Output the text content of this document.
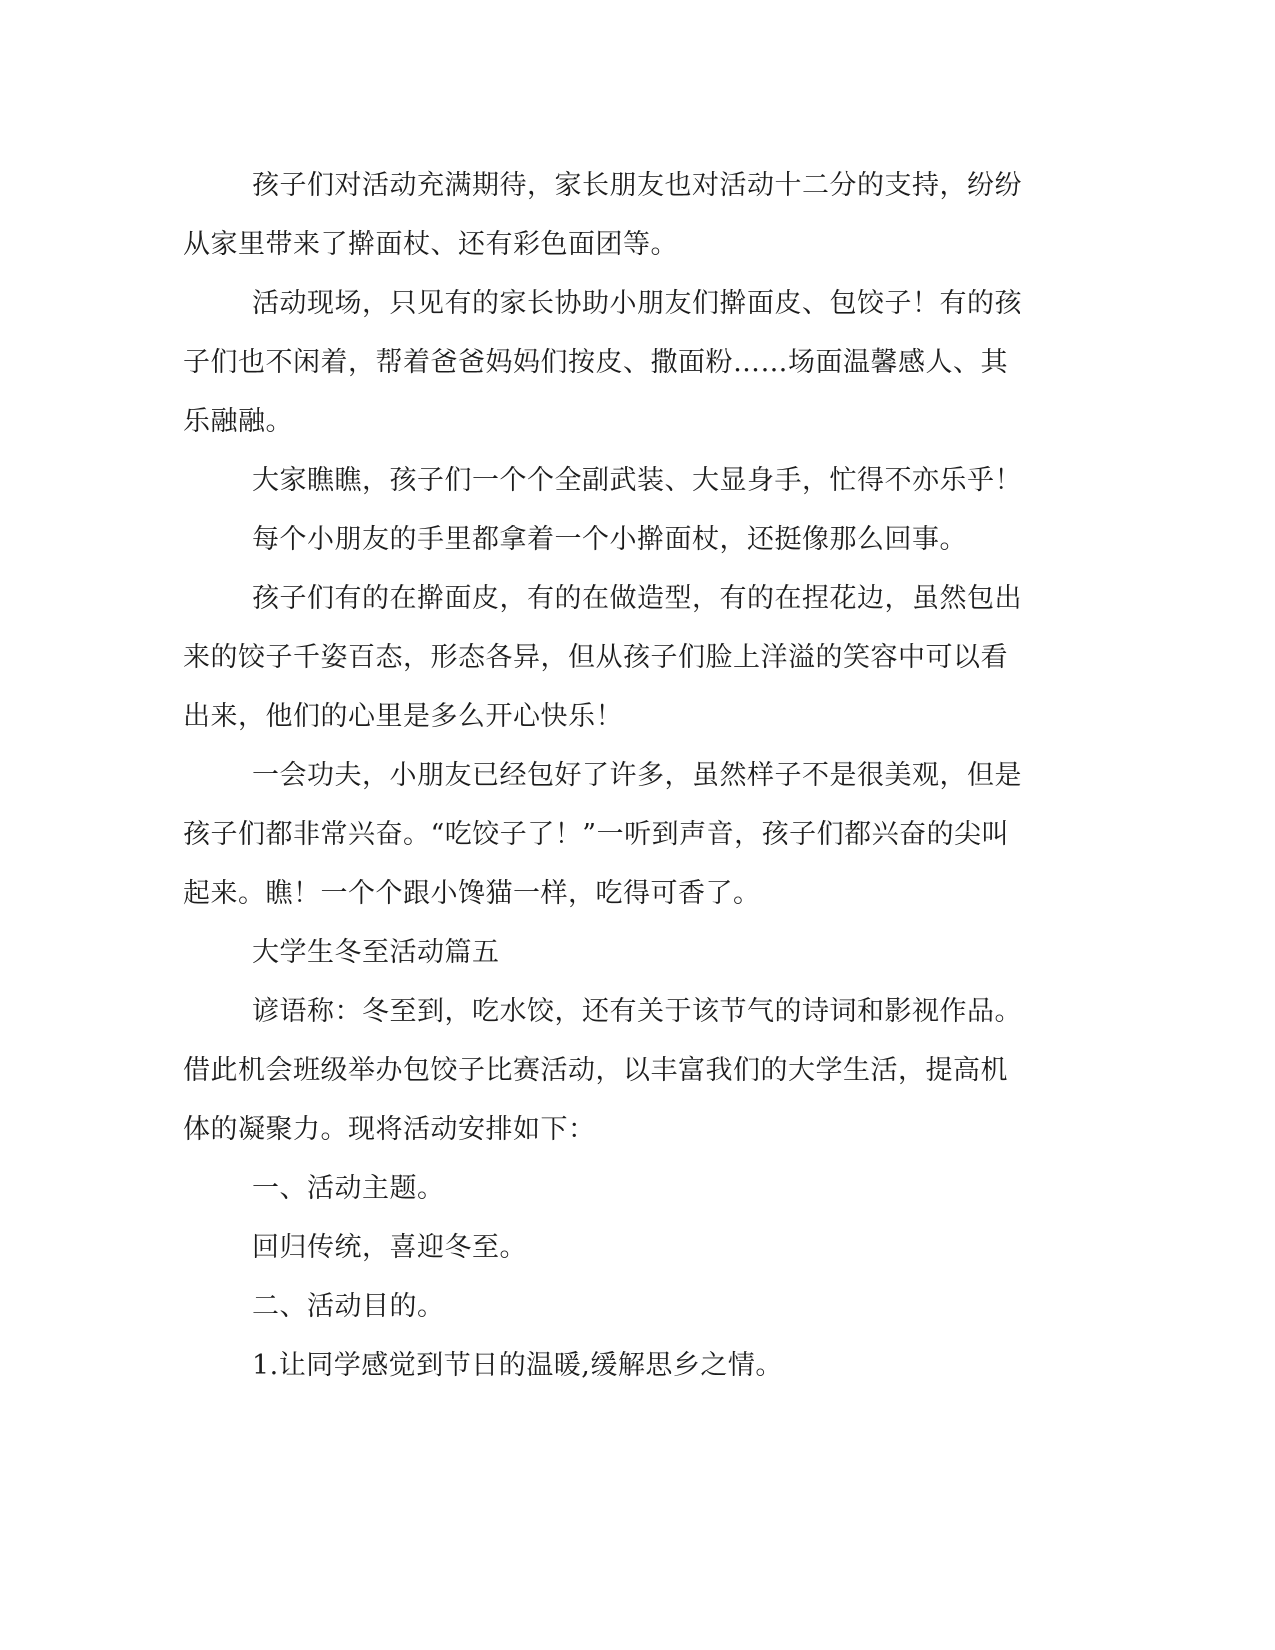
孩子们对活动充满期待，家长朋友也对活动十二分的支持，纷纷
从家里带来了擀面杖、还有彩色面团等。
活动现场，只见有的家长协助小朋友们擀面皮、包饺子！有的孩
子们也不闲着，帮着爸爸妈妈们按皮、撒面粉……场面温馨感人、其
乐融融。
大家瞧瞧，孩子们一个个全副武装、大显身手，忙得不亦乐乎！
每个小朋友的手里都拿着一个小擀面杖，还挺像那么回事。
孩子们有的在擀面皮，有的在做造型，有的在捏花边，虽然包出
来的饺子千姿百态，形态各异，但从孩子们脸上洋溢的笑容中可以看
出来，他们的心里是多么开心快乐！
一会功夫，小朋友已经包好了许多，虽然样子不是很美观，但是
孩子们都非常兴奋。“吃饺子了！”一听到声音，孩子们都兴奋的尖叫
起来。瞧！一个个跟小馋猫一样，吃得可香了。
大学生冬至活动篇五
谚语称：冬至到，吃水饺，还有关于该节气的诗词和影视作品。
借此机会班级举办包饺子比赛活动，以丰富我们的大学生活，提高机
体的凝聚力。现将活动安排如下：
一、活动主题。
回归传统，喜迎冬至。
二、活动目的。
1.让同学感觉到节日的温暖,缓解思乡之情。
